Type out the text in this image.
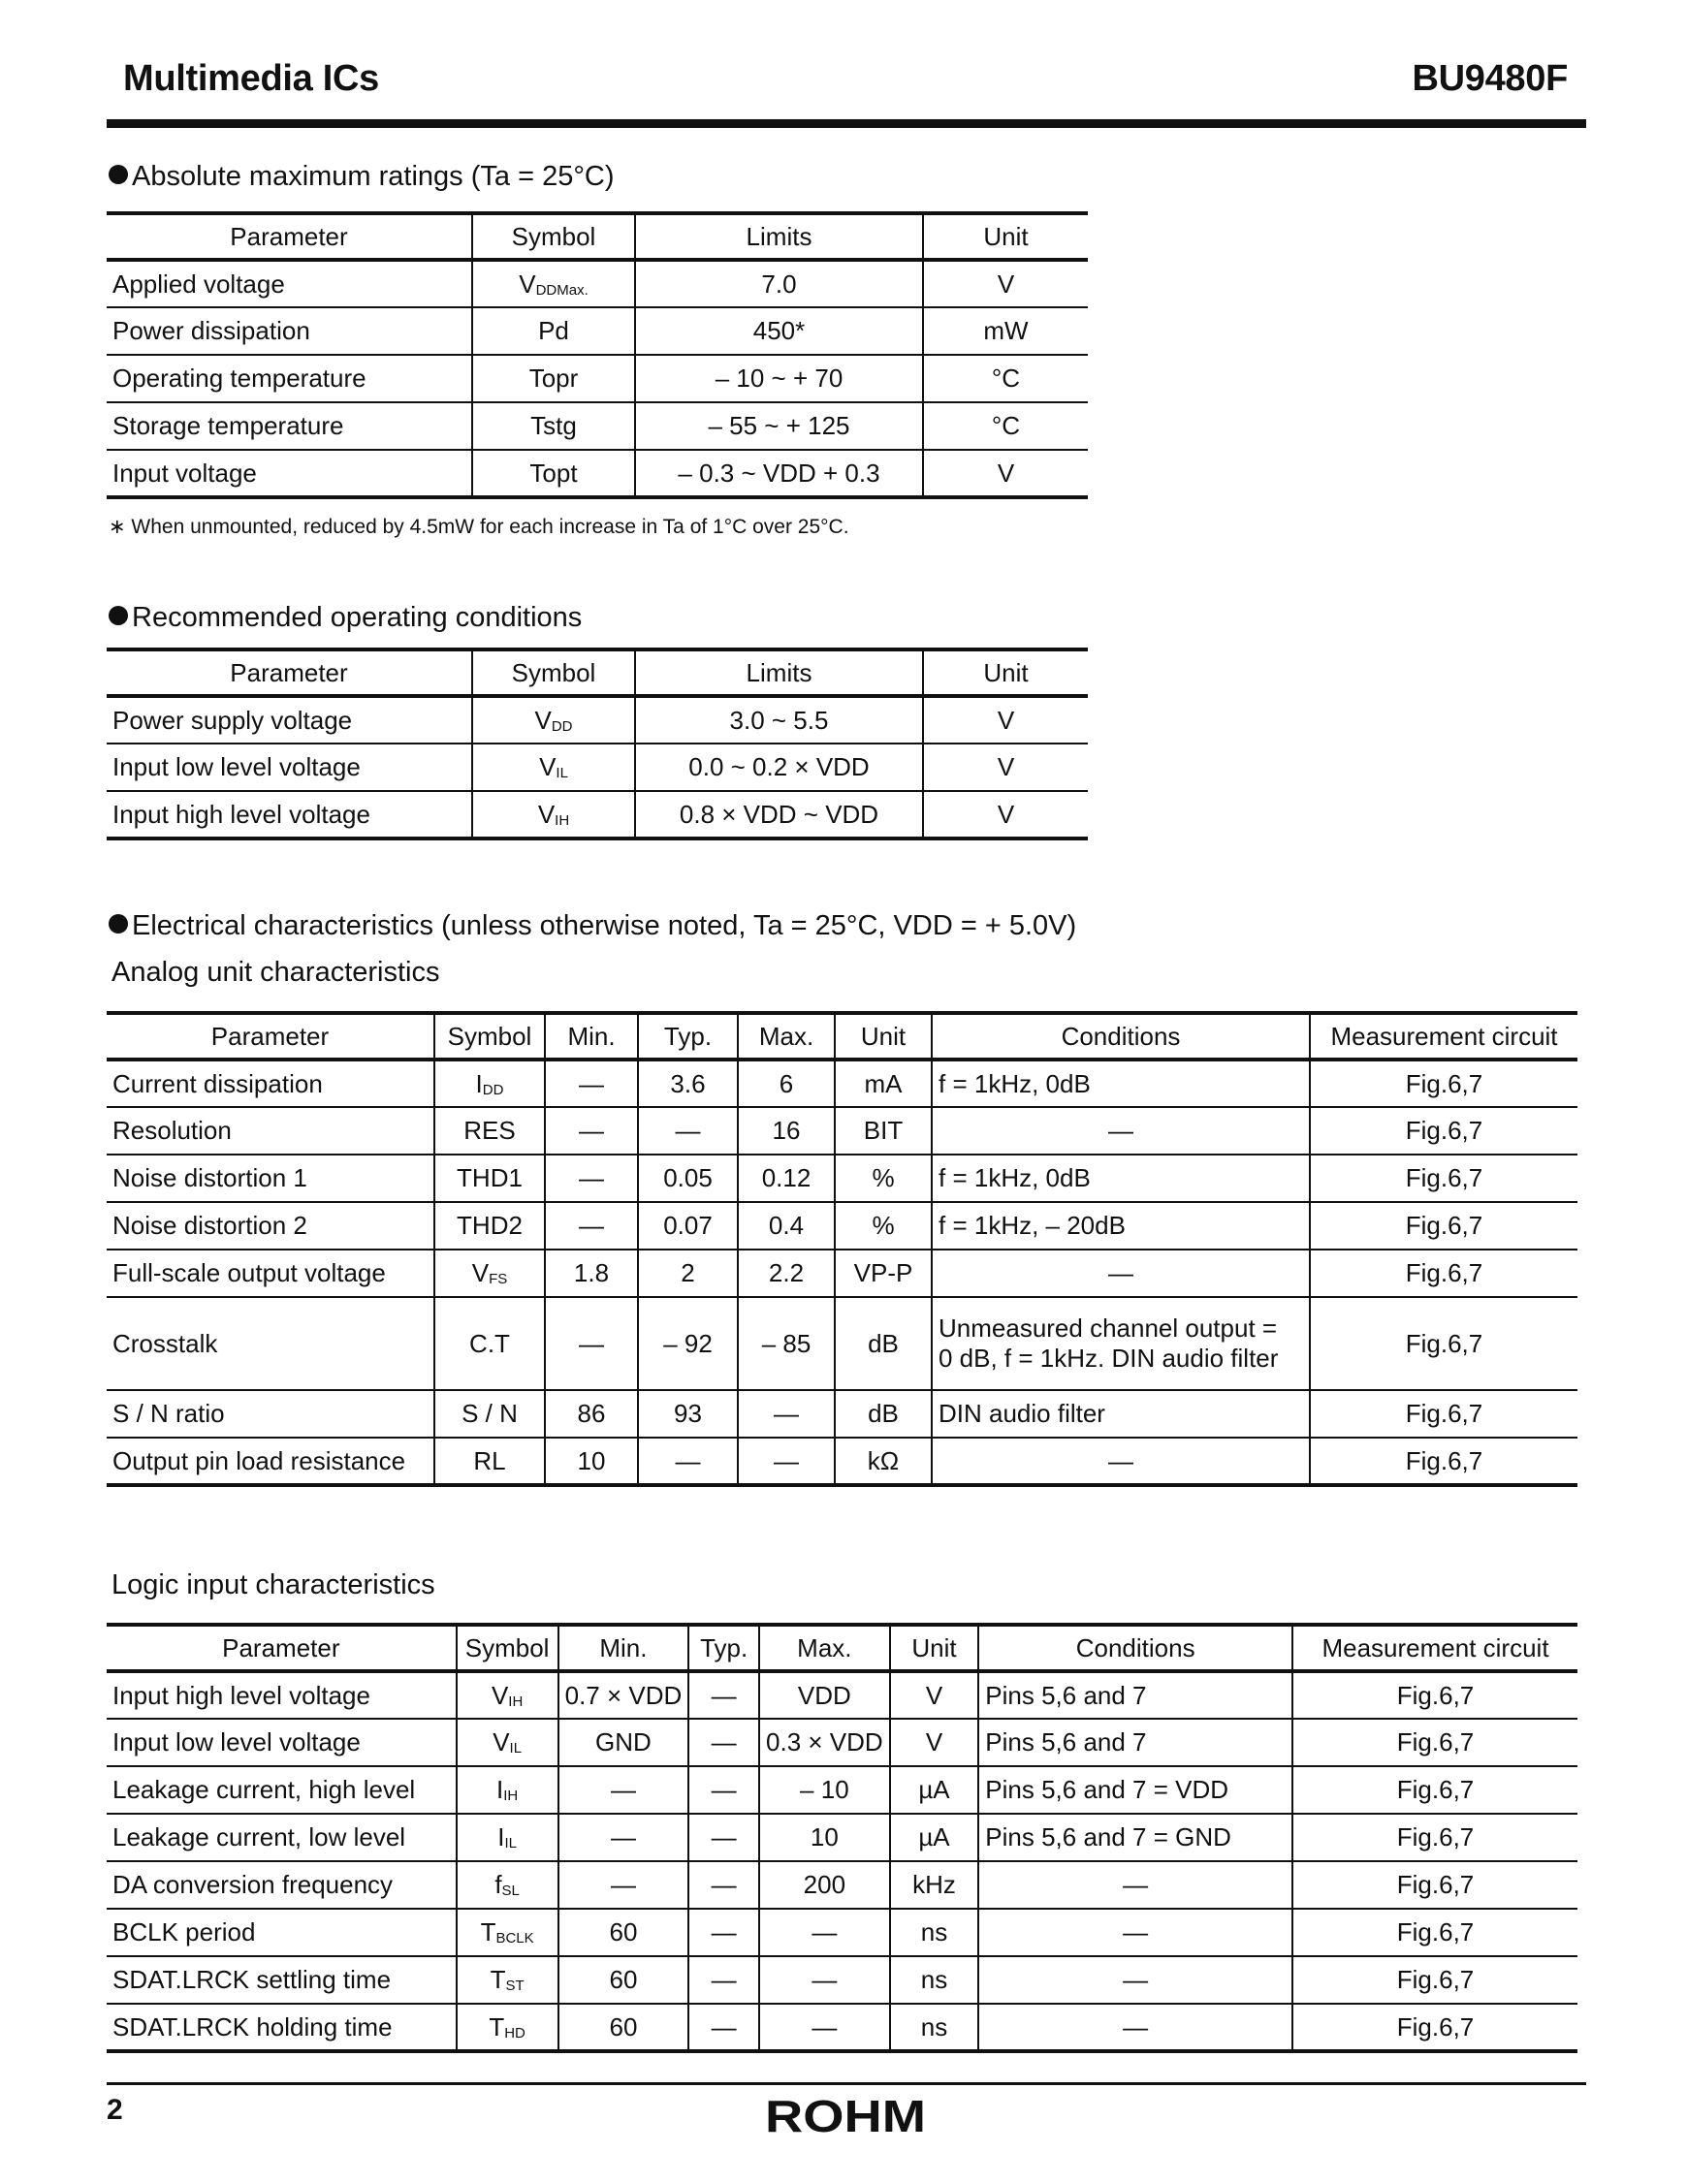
Multimedia ICs	BU9480F
Absolute maximum ratings (Ta = 25°C)
Parameter	Symbol	Limits	Unit
Applied voltage	$V_{DDMax.}$	7.0	V
Power dissipation	Pd	450*	mW
Operating temperature	Topr	– 10 ~ + 70	°C
Storage temperature	Tstg	– 55 ~ + 125	°C
Input voltage	Topt	– 0.3 ~ VDD + 0.3	V
∗ When unmounted, reduced by 4.5mW for each increase in Ta of 1°C over 25°C.
Recommended operating conditions
Parameter	Symbol	Limits	Unit
Power supply voltage	$V_{DD}$	3.0 ~ 5.5	V
Input low level voltage	$V_{IL}$	0.0 ~ 0.2 × VDD	V
Input high level voltage	$V_{IH}$	0.8 × VDD ~ VDD	V
Electrical characteristics (unless otherwise noted, Ta = 25°C, VDD = + 5.0V)
Analog unit characteristics
Parameter	Symbol	Min.	Typ.	Max.	Unit	Conditions	Measurement circuit
Current dissipation	$I_{DD}$	—	3.6	6	mA	f = 1kHz, 0dB	Fig.6,7
Resolution	RES	—	—	16	BIT	—	Fig.6,7
Noise distortion 1	THD1	—	0.05	0.12	%	f = 1kHz, 0dB	Fig.6,7
Noise distortion 2	THD2	—	0.07	0.4	%	f = 1kHz, – 20dB	Fig.6,7
Full-scale output voltage	$V_{FS}$	1.8	2	2.2	VP-P	—	Fig.6,7
Crosstalk	C.T	—	– 92	– 85	dB	Unmeasured channel output =
0 dB, f = 1kHz. DIN audio filter	Fig.6,7
S / N ratio	S / N	86	93	—	dB	DIN audio filter	Fig.6,7
Output pin load resistance	RL	10	—	—	kΩ	—	Fig.6,7
Logic input characteristics
Parameter	Symbol	Min.	Typ.	Max.	Unit	Conditions	Measurement circuit
Input high level voltage	$V_{IH}$	0.7 × VDD	—	VDD	V	Pins 5,6 and 7	Fig.6,7
Input low level voltage	$V_{IL}$	GND	—	0.3 × VDD	V	Pins 5,6 and 7	Fig.6,7
Leakage current, high level	$I_{IH}$	—	—	– 10	µA	Pins 5,6 and 7 = VDD	Fig.6,7
Leakage current, low level	$I_{IL}$	—	—	10	µA	Pins 5,6 and 7 = GND	Fig.6,7
DA conversion frequency	$f_{SL}$	—	—	200	kHz	—	Fig.6,7
BCLK period	$T_{BCLK}$	60	—	—	ns	—	Fig.6,7
SDAT.LRCK settling time	$T_{ST}$	60	—	—	ns	—	Fig.6,7
SDAT.LRCK holding time	$T_{HD}$	60	—	—	ns	—	Fig.6,7
2	ROHM
